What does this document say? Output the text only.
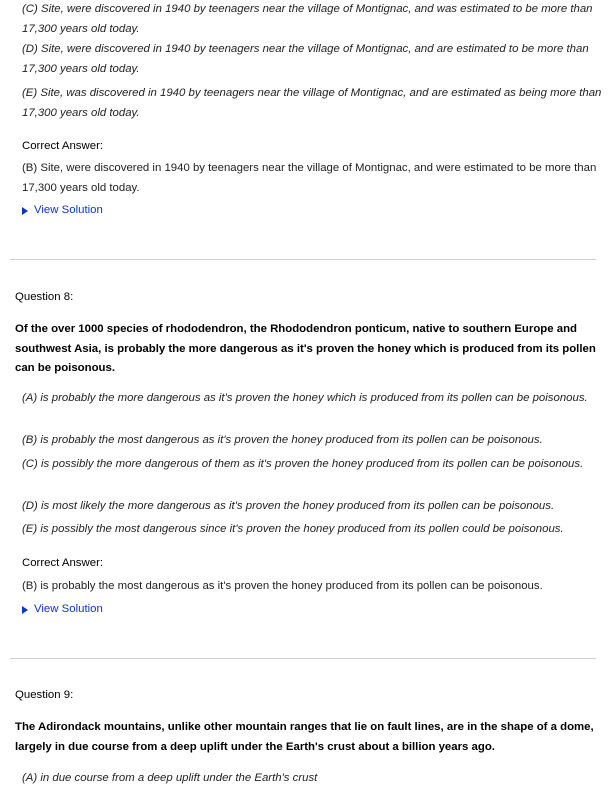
(C) Site, were discovered in 1940 by teenagers near the village of Montignac, and was estimated to be more than 17,300 years old today.
(D) Site, were discovered in 1940 by teenagers near the village of Montignac, and are estimated to be more than 17,300 years old today.
(E) Site, was discovered in 1940 by teenagers near the village of Montignac, and are estimated as being more than 17,300 years old today.
Correct Answer:
(B) Site, were discovered in 1940 by teenagers near the village of Montignac, and were estimated to be more than 17,300 years old today.
View Solution
Question 8:
Of the over 1000 species of rhododendron, the Rhododendron ponticum, native to southern Europe and southwest Asia, is probably the more dangerous as it's proven the honey which is produced from its pollen can be poisonous.
(A) is probably the more dangerous as it's proven the honey which is produced from its pollen can be poisonous.
(B) is probably the most dangerous as it's proven the honey produced from its pollen can be poisonous.
(C) is possibly the more dangerous of them as it's proven the honey produced from its pollen can be poisonous.
(D) is most likely the more dangerous as it's proven the honey produced from its pollen can be poisonous.
(E) is possibly the most dangerous since it's proven the honey produced from its pollen could be poisonous.
Correct Answer:
(B) is probably the most dangerous as it's proven the honey produced from its pollen can be poisonous.
View Solution
Question 9:
The Adirondack mountains, unlike other mountain ranges that lie on fault lines, are in the shape of a dome, largely in due course from a deep uplift under the Earth's crust about a billion years ago.
(A) in due course from a deep uplift under the Earth's crust
